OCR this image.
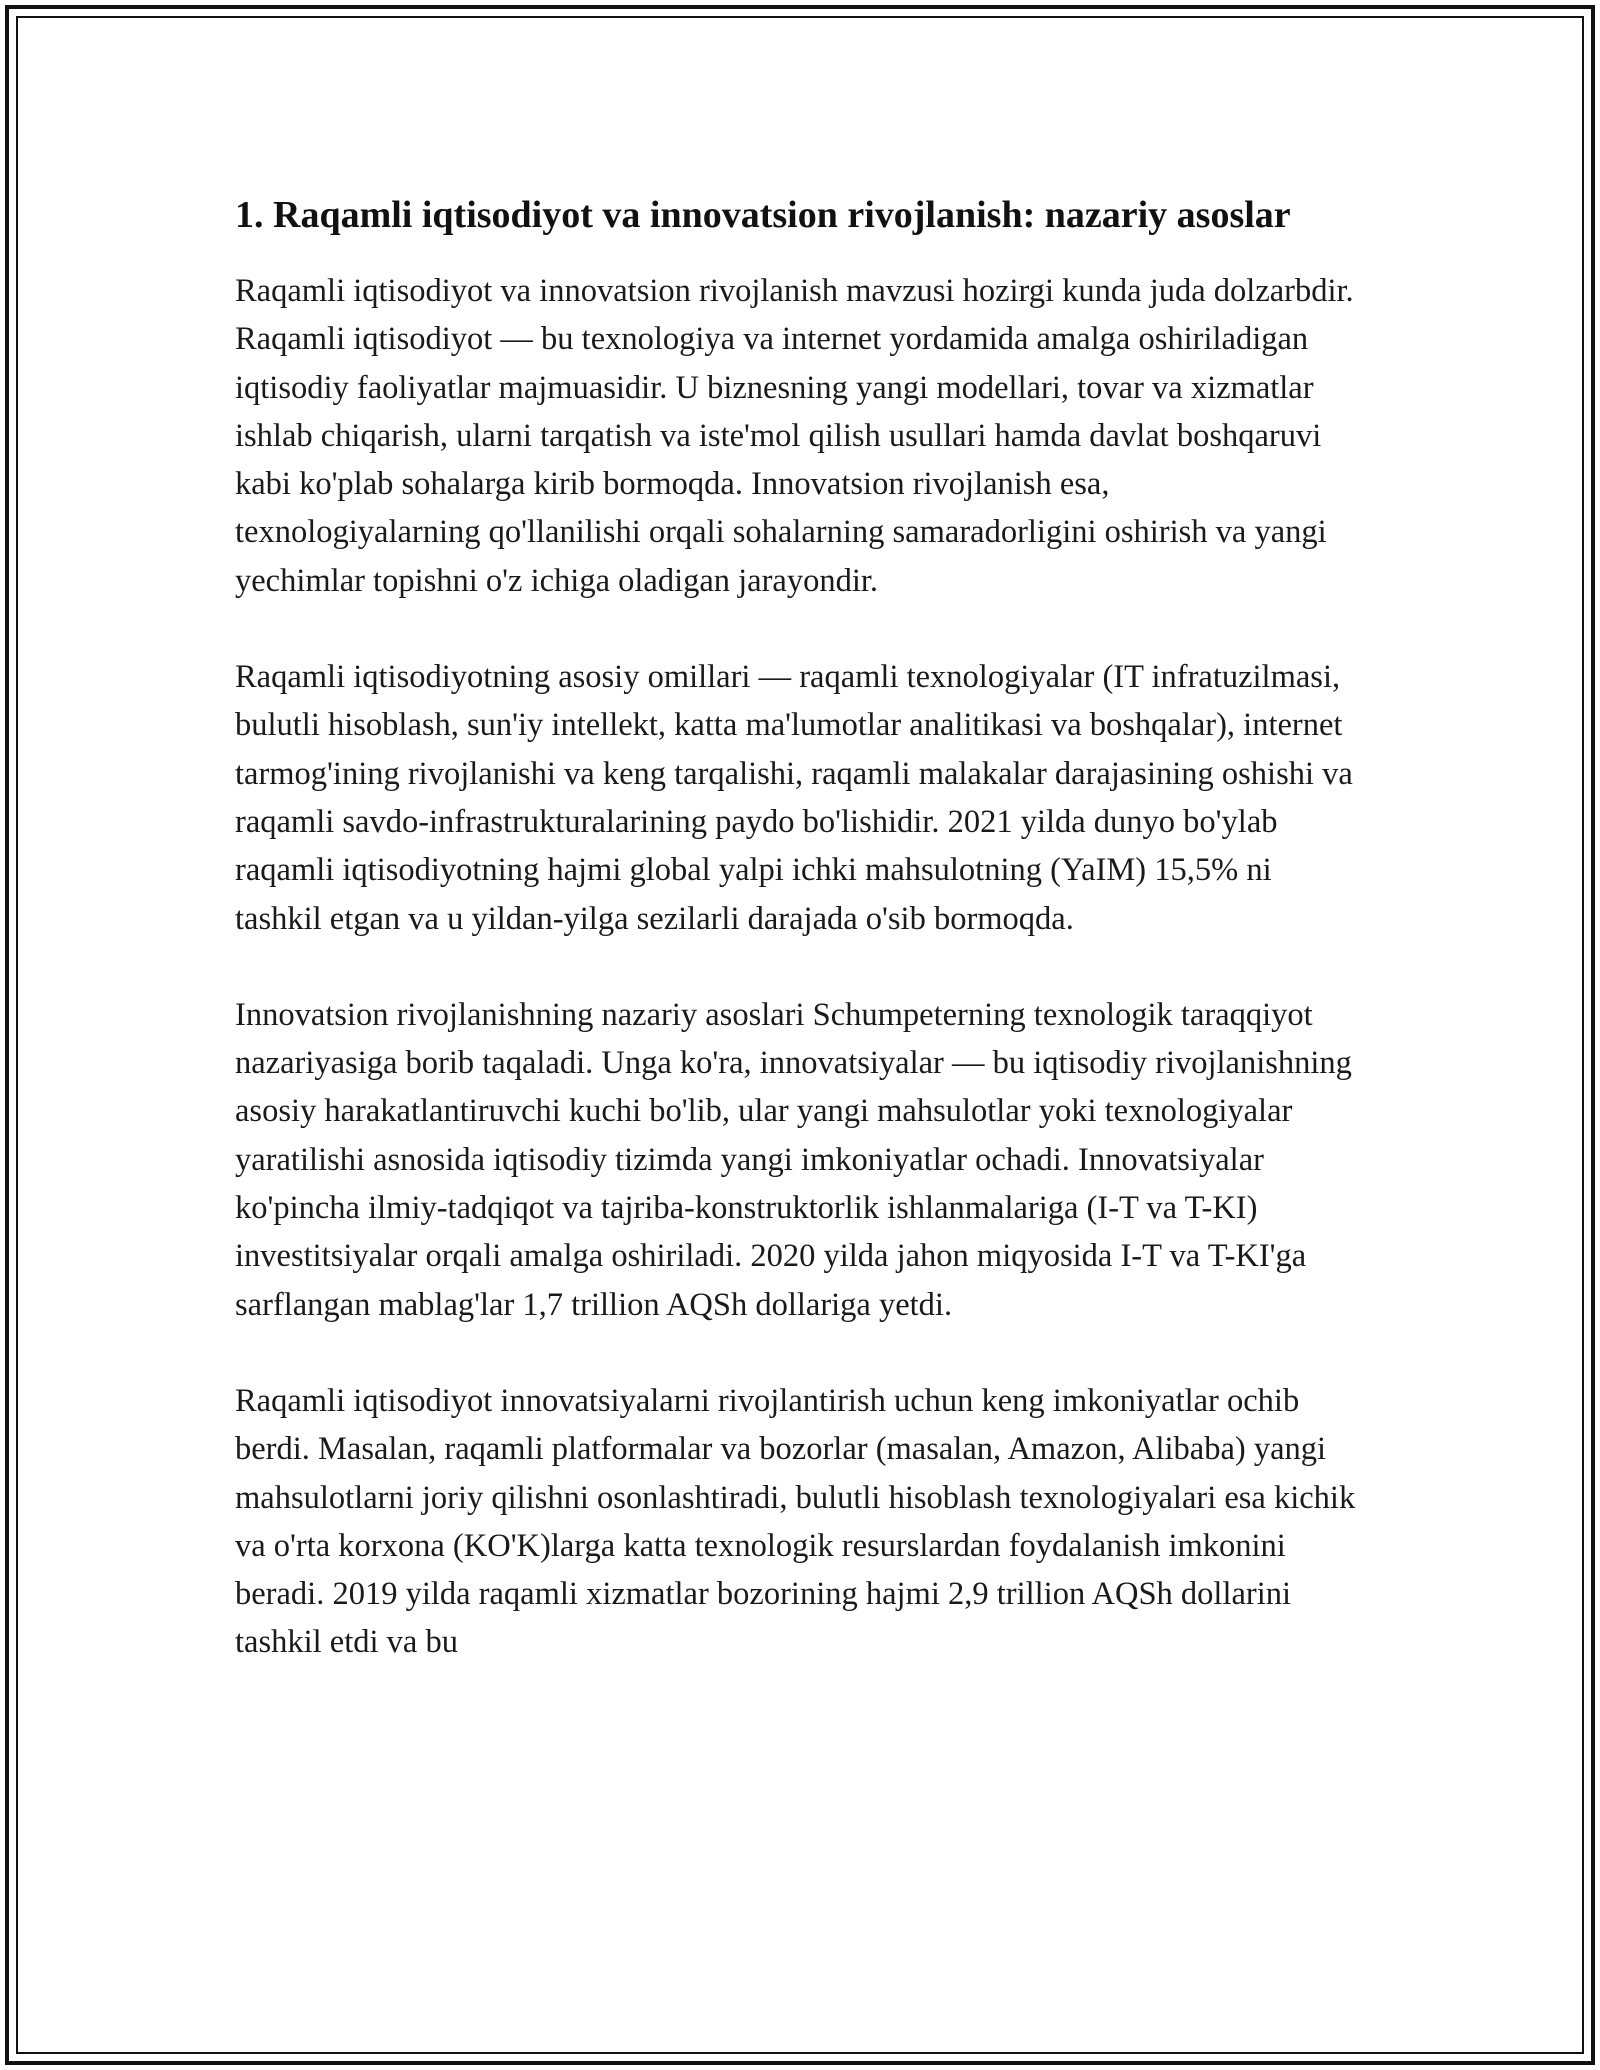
1. Raqamli iqtisodiyot va innovatsion rivojlanish: nazariy asoslar

Raqamli iqtisodiyot va innovatsion rivojlanish mavzusi hozirgi kunda juda dolzarbdir. Raqamli iqtisodiyot — bu texnologiya va internet yordamida amalga oshiriladigan iqtisodiy faoliyatlar majmuasidir. U biznesning yangi modellari, tovar va xizmatlar ishlab chiqarish, ularni tarqatish va iste'mol qilish usullari hamda davlat boshqaruvi kabi ko'plab sohalarga kirib bormoqda. Innovatsion rivojlanish esa, texnologiyalarning qo'llanilishi orqali sohalarning samaradorligini oshirish va yangi yechimlar topishni o'z ichiga oladigan jarayondir.

Raqamli iqtisodiyotning asosiy omillari — raqamli texnologiyalar (IT infratuzilmasi, bulutli hisoblash, sun'iy intellekt, katta ma'lumotlar analitikasi va boshqalar), internet tarmog'ining rivojlanishi va keng tarqalishi, raqamli malakalar darajasining oshishi va raqamli savdo-infrastrukturalarining paydo bo'lishidir. 2021 yilda dunyo bo'ylab raqamli iqtisodiyotning hajmi global yalpi ichki mahsulotning (YaIM) 15,5% ni tashkil etgan va u yildan-yilga sezilarli darajada o'sib bormoqda.

Innovatsion rivojlanishning nazariy asoslari Schumpeterning texnologik taraqqiyot nazariyasiga borib taqaladi. Unga ko'ra, innovatsiyalar — bu iqtisodiy rivojlanishning asosiy harakatlantiruvchi kuchi bo'lib, ular yangi mahsulotlar yoki texnologiyalar yaratilishi asnosida iqtisodiy tizimda yangi imkoniyatlar ochadi. Innovatsiyalar ko'pincha ilmiy-tadqiqot va tajriba-konstruktorlik ishlanmalariga (I-T va T-KI) investitsiyalar orqali amalga oshiriladi. 2020 yilda jahon miqyosida I-T va T-KI'ga sarflangan mablag'lar 1,7 trillion AQSh dollariga yetdi.

Raqamli iqtisodiyot innovatsiyalarni rivojlantirish uchun keng imkoniyatlar ochib berdi. Masalan, raqamli platformalar va bozorlar (masalan, Amazon, Alibaba) yangi mahsulotlarni joriy qilishni osonlashtiradi, bulutli hisoblash texnologiyalari esa kichik va o'rta korxona (KO'K)larga katta texnologik resurslardan foydalanish imkonini beradi. 2019 yilda raqamli xizmatlar bozorining hajmi 2,9 trillion AQSh dollarini tashkil etdi va bu
